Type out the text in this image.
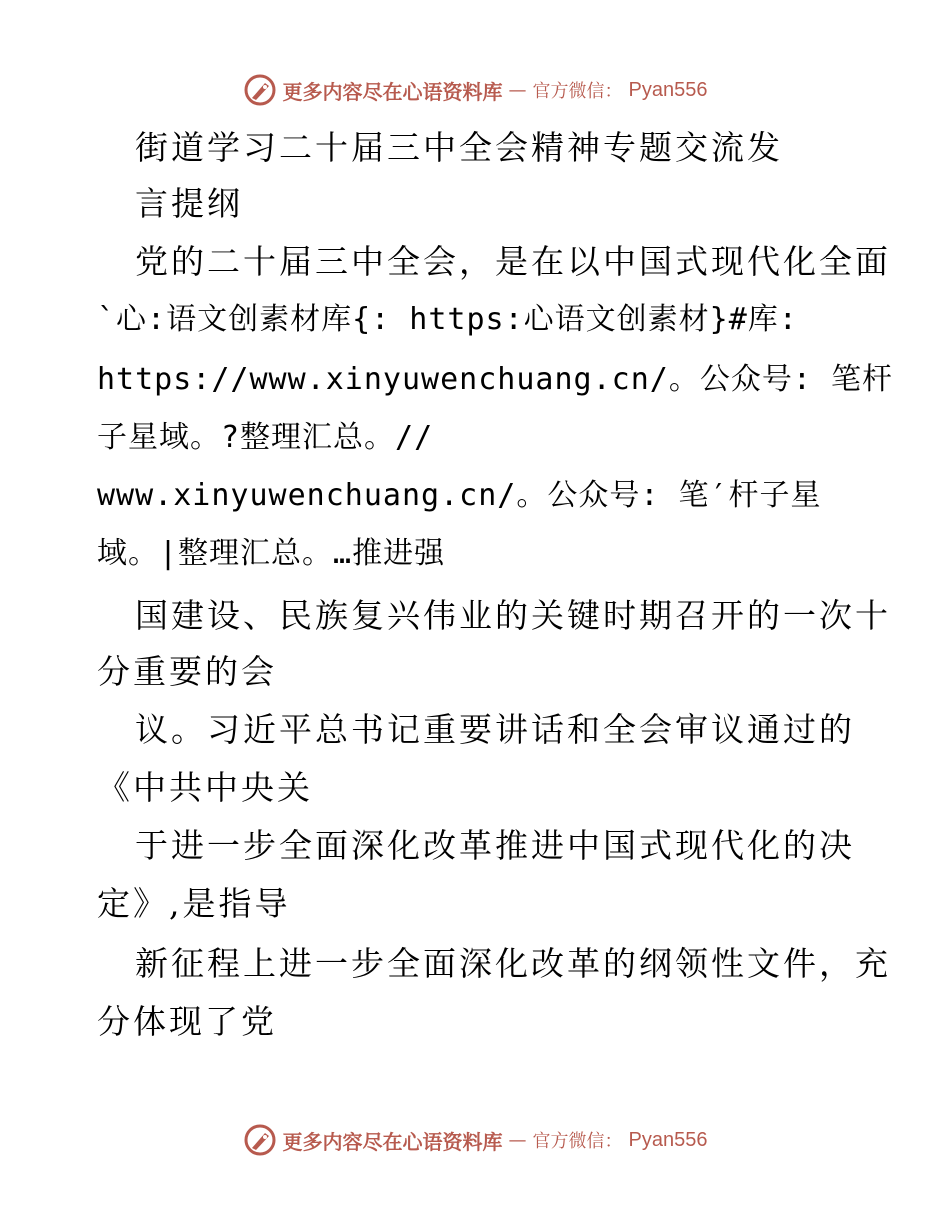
更多内容尽在心语资料库 — 官方微信： Pyan556
街道学习二十届三中全会精神专题交流发
言提纲
党的二十届三中全会，是在以中国式现代化全面
`心:语文创素材库{: https:心语文创素材}#库:
https://www.xinyuwenchuang.cn/。公众号: 笔杆
子星域。?整理汇总。//
www.xinyuwenchuang.cn/。公众号: 笔′杆子星
域。|整理汇总。…推进强
国建设、民族复兴伟业的关键时期召开的一次十
分重要的会
议。习近平总书记重要讲话和全会审议通过的
《中共中央关
于进一步全面深化改革推进中国式现代化的决
定》,是指导
新征程上进一步全面深化改革的纲领性文件，充
分体现了党
更多内容尽在心语资料库 — 官方微信： Pyan556
